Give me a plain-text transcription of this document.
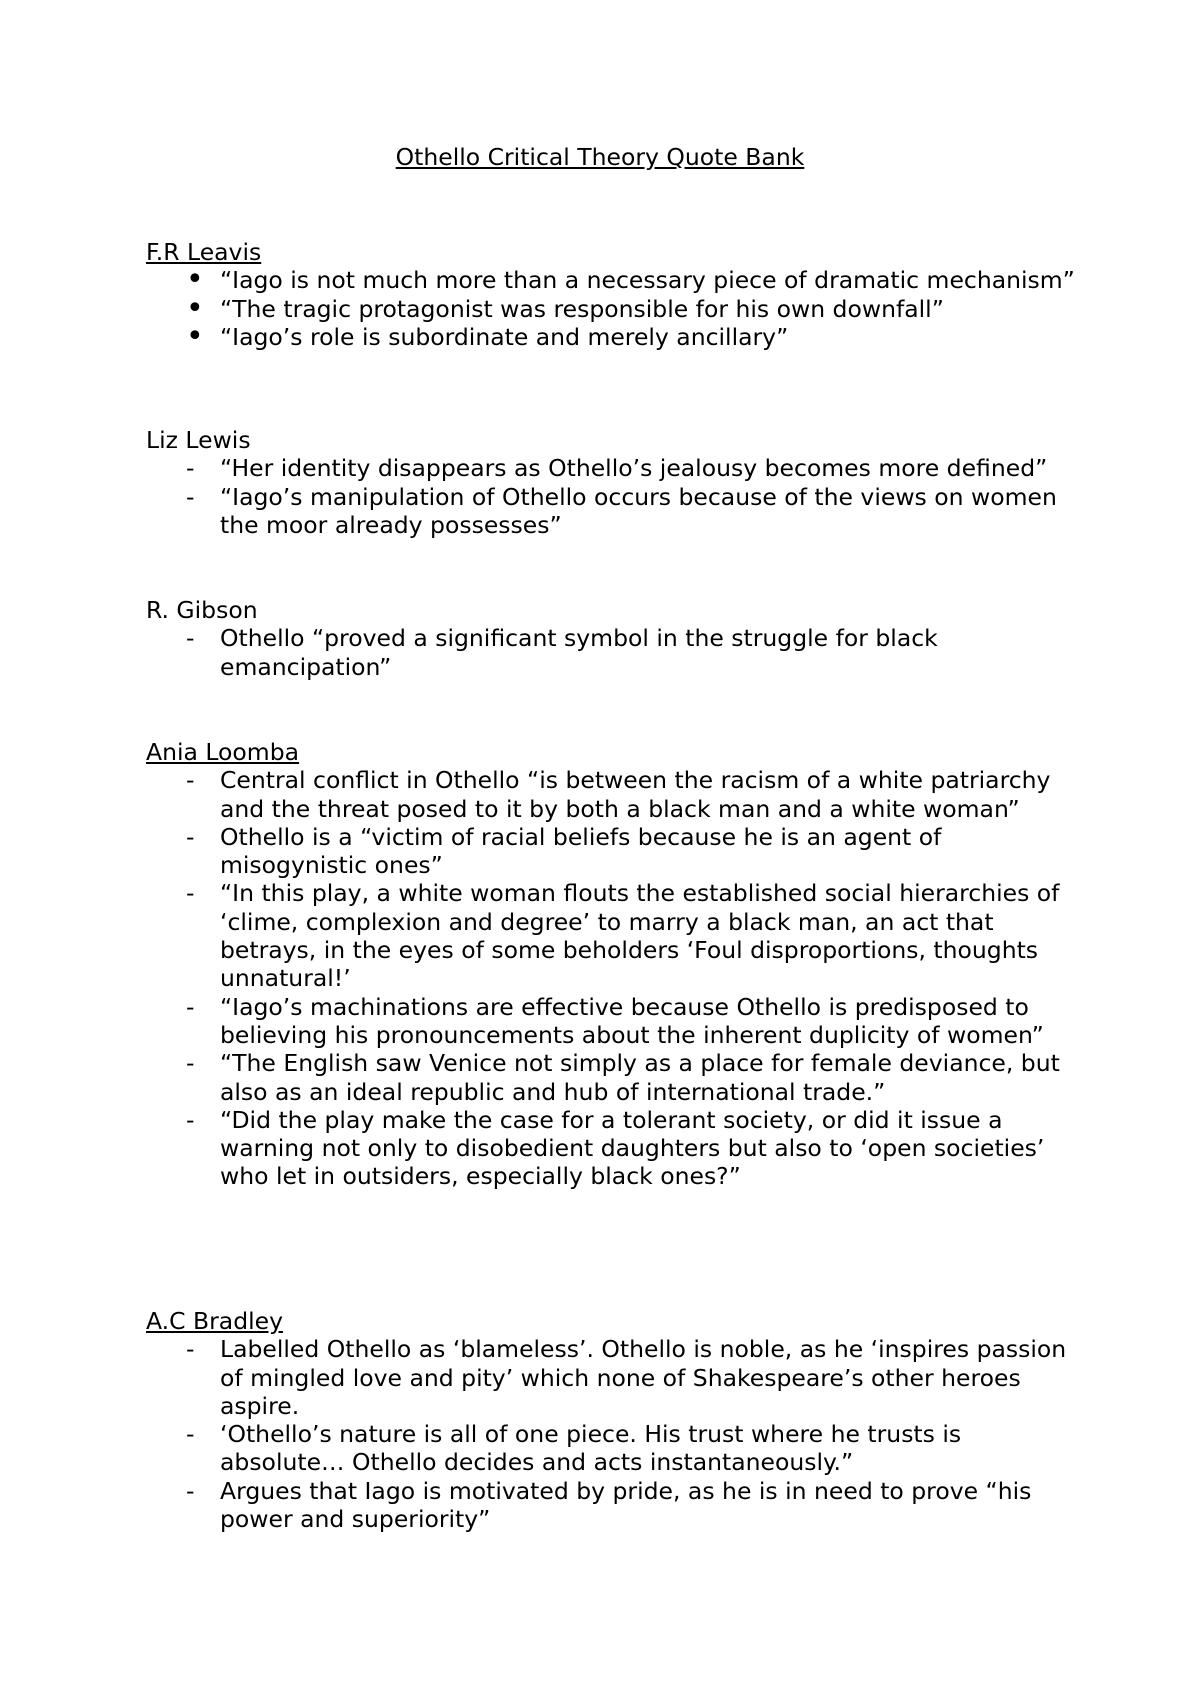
Othello Critical Theory Quote Bank
F.R Leavis
•
“Iago is not much more than a necessary piece of dramatic mechanism”
•
“The tragic protagonist was responsible for his own downfall”
•
“Iago’s role is subordinate and merely ancillary”
Liz Lewis
-
“Her identity disappears as Othello’s jealousy becomes more defined”
-
“Iago’s manipulation of Othello occurs because of the views on women the moor already possesses”
R. Gibson
-
Othello “proved a significant symbol in the struggle for black emancipation”
Ania Loomba
-
Central conflict in Othello “is between the racism of a white patriarchy and the threat posed to it by both a black man and a white woman”
-
Othello is a “victim of racial beliefs because he is an agent of misogynistic ones”
-
“In this play, a white woman flouts the established social hierarchies of ‘clime, complexion and degree’ to marry a black man, an act that betrays, in the eyes of some beholders ‘Foul disproportions, thoughts unnatural!’
-
“Iago’s machinations are effective because Othello is predisposed to believing his pronouncements about the inherent duplicity of women”
-
“The English saw Venice not simply as a place for female deviance, but also as an ideal republic and hub of international trade.”
-
“Did the play make the case for a tolerant society, or did it issue a warning not only to disobedient daughters but also to ‘open societies’ who let in outsiders, especially black ones?”
A.C Bradley
-
Labelled Othello as ‘blameless’. Othello is noble, as he ‘inspires passion of mingled love and pity’ which none of Shakespeare’s other heroes aspire.
-
‘Othello’s nature is all of one piece. His trust where he trusts is absolute… Othello decides and acts instantaneously.”
-
Argues that Iago is motivated by pride, as he is in need to prove “his power and superiority”
